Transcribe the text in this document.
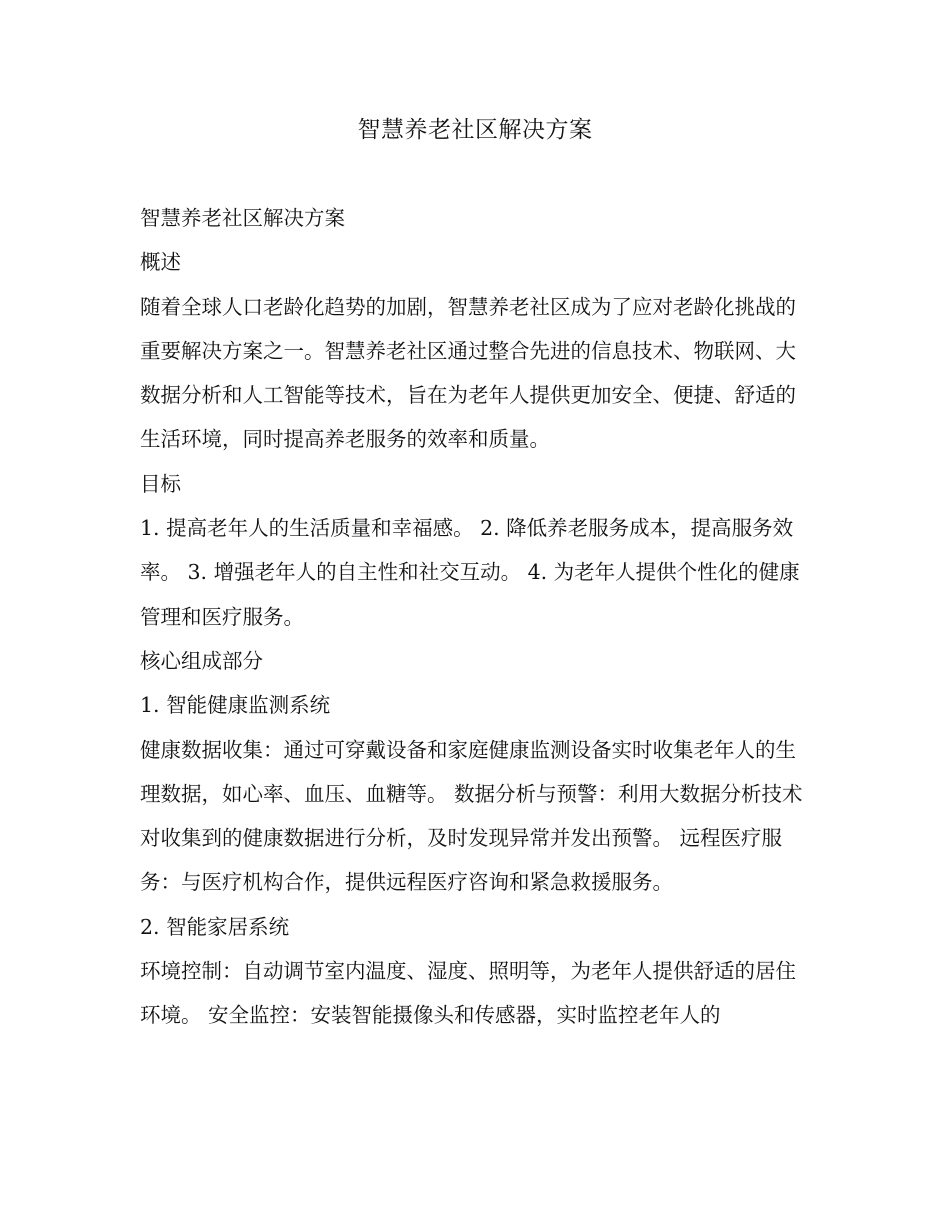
智慧养老社区解决方案

智慧养老社区解决方案

概述

随着全球人口老龄化趋势的加剧，智慧养老社区成为了应对老龄化挑战的重要解决方案之一。智慧养老社区通过整合先进的信息技术、物联网、大数据分析和人工智能等技术，旨在为老年人提供更加安全、便捷、舒适的生活环境，同时提高养老服务的效率和质量。

目标

1. 提高老年人的生活质量和幸福感。 2. 降低养老服务成本，提高服务效率。 3. 增强老年人的自主性和社交互动。 4. 为老年人提供个性化的健康管理和医疗服务。

核心组成部分

1. 智能健康监测系统

健康数据收集：通过可穿戴设备和家庭健康监测设备实时收集老年人的生理数据，如心率、血压、血糖等。 数据分析与预警：利用大数据分析技术对收集到的健康数据进行分析，及时发现异常并发出预警。 远程医疗服务：与医疗机构合作，提供远程医疗咨询和紧急救援服务。

2. 智能家居系统

环境控制：自动调节室内温度、湿度、照明等，为老年人提供舒适的居住环境。 安全监控：安装智能摄像头和传感器，实时监控老年人的
